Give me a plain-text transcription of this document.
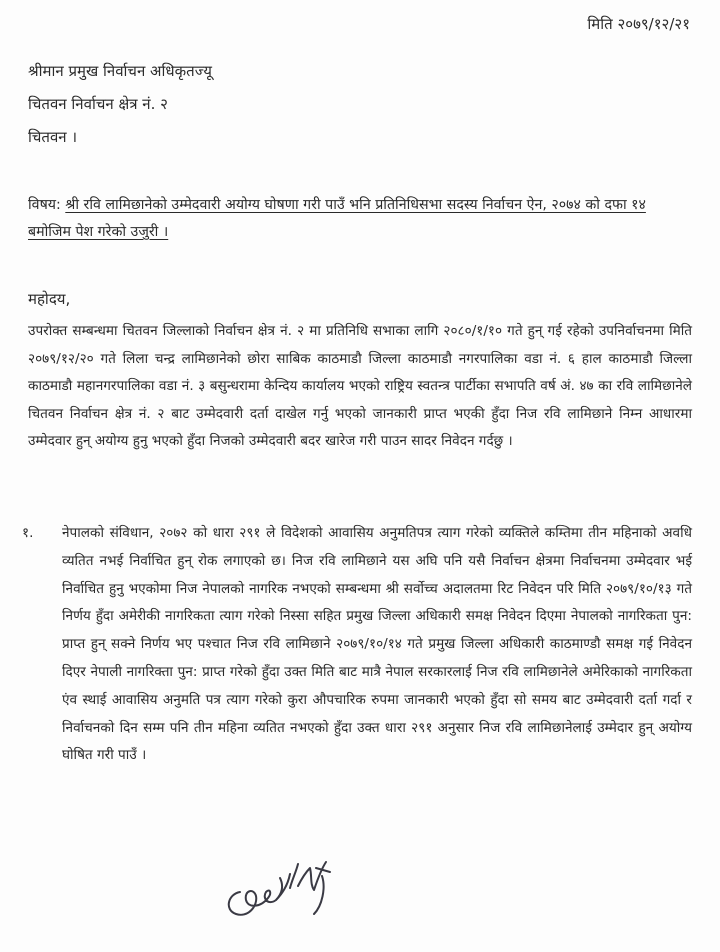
मिति २०७९/१२/२१
श्रीमान प्रमुख निर्वाचन अधिकृतज्यू
चितवन निर्वाचन क्षेत्र नं. २
चितवन ।
विषय: श्री रवि लामिछानेको उम्मेदवारी अयोग्य घोषणा गरी पाउँ भनि प्रतिनिधिसभा सदस्य निर्वाचन ऐन, २०७४ को दफा १४ बमोजिम पेश गरेको उजुरी ।
महोदय,
उपरोक्त सम्बन्धमा चितवन जिल्लाको निर्वाचन क्षेत्र नं. २ मा प्रतिनिधि सभाका लागि २०८०/१/१० गते हुन् गई रहेको उपनिर्वाचनमा मिति २०७९/१२/२० गते लिला चन्द्र लामिछानेको छोरा साबिक काठमाडौ जिल्ला काठमाडौ नगरपालिका वडा नं. ६ हाल काठमाडौ जिल्ला काठमाडौ महानगरपालिका वडा नं. ३ बसुन्धरामा केन्दिय कार्यालय भएको राष्ट्रिय स्वतन्त्र पार्टीका सभापति वर्ष अं. ४७ का रवि लामिछानेले चितवन निर्वाचन क्षेत्र नं. २ बाट उम्मेदवारी दर्ता दाखेल गर्नु भएको जानकारी प्राप्त भएकी हुँदा निज रवि लामिछाने निम्न आधारमा उम्मेदवार हुन् अयोग्य हुनु भएको हुँदा निजको उम्मेदवारी बदर खारेज गरी पाउन सादर निवेदन गर्दछु ।
१.	नेपालको संविधान, २०७२ को धारा २९१ ले विदेशको आवासिय अनुमतिपत्र त्याग गरेको व्यक्तिले कम्तिमा तीन महिनाको अवधि व्यतित नभई निर्वाचित हुन् रोक लगाएको छ। निज रवि लामिछाने यस अघि पनि यसै निर्वाचन क्षेत्रमा निर्वाचनमा उम्मेदवार भई निर्वाचित हुनु भएकोमा निज नेपालको नागरिक नभएको सम्बन्धमा श्री सर्वोच्च अदालतमा रिट निवेदन परि मिति २०७९/१०/१३ गते निर्णय हुँदा अमेरीकी नागरिकता त्याग गरेको निस्सा सहित प्रमुख जिल्ला अधिकारी समक्ष निवेदन दिएमा नेपालको नागरिकता पुन: प्राप्त हुन् सक्ने निर्णय भए पश्चात निज रवि लामिछाने २०७९/१०/१४ गते प्रमुख जिल्ला अधिकारी काठमाण्डौ समक्ष गई निवेदन दिएर नेपाली नागरिक्ता पुन: प्राप्त गरेको हुँदा उक्त मिति बाट मात्रै नेपाल सरकारलाई निज रवि लामिछानेले अमेरिकाको नागरिकता एंव स्थाई आवासिय अनुमति पत्र त्याग गरेको कुरा औपचारिक रुपमा जानकारी भएको हुँदा सो समय बाट उम्मेदवारी दर्ता गर्दा र निर्वाचनको दिन सम्म पनि तीन महिना व्यतित नभएको हुँदा उक्त धारा २९१ अनुसार निज रवि लामिछानेलाई उम्मेदार हुन् अयोग्य घोषित गरी पाउँ ।
